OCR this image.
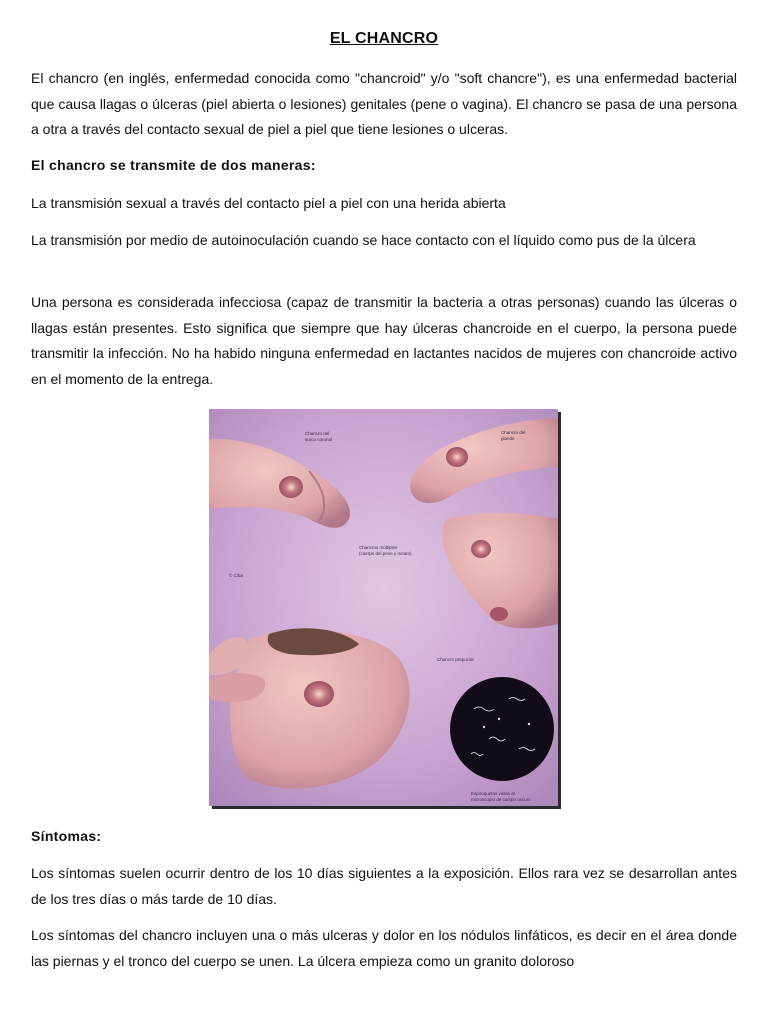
EL CHANCRO

El chancro (en inglés, enfermedad conocida como "chancroid" y/o "soft chancre"), es una enfermedad bacterial que causa llagas o úlceras (piel abierta o lesiones) genitales (pene o vagina). El chancro se pasa de una persona a otra a través del contacto sexual de piel a piel que tiene lesiones o ulceras.

El chancro se transmite de dos maneras:

La transmisión sexual a través del contacto piel a piel con una herida abierta

La transmisión por medio de autoinoculación cuando se hace contacto con el líquido como pus de la úlcera

Una persona es considerada infecciosa (capaz de transmitir la bacteria a otras personas) cuando las úlceras o llagas están presentes. Esto significa que siempre que hay úlceras chancroide en el cuerpo, la persona puede transmitir la infección. No ha habido ninguna enfermedad en lactantes nacidos de mujeres con chancroide activo en el momento de la entrega.

Síntomas:

Los síntomas suelen ocurrir dentro de los 10 días siguientes a la exposición. Ellos rara vez se desarrollan antes de los tres días o más tarde de 10 días.

Los síntomas del chancro incluyen una o más ulceras y dolor en los nódulos linfáticos, es decir en el área donde las piernas y el tronco del cuerpo se unen. La úlcera empieza como un granito doloroso

Chancro del
surco coronal
Chancro del
glande
Chancros múltiples
(cuerpo del pene y meato)
Chancro prepucial
Espiroquetas vistas al
microscopio de campo oscuro
© Ciba
